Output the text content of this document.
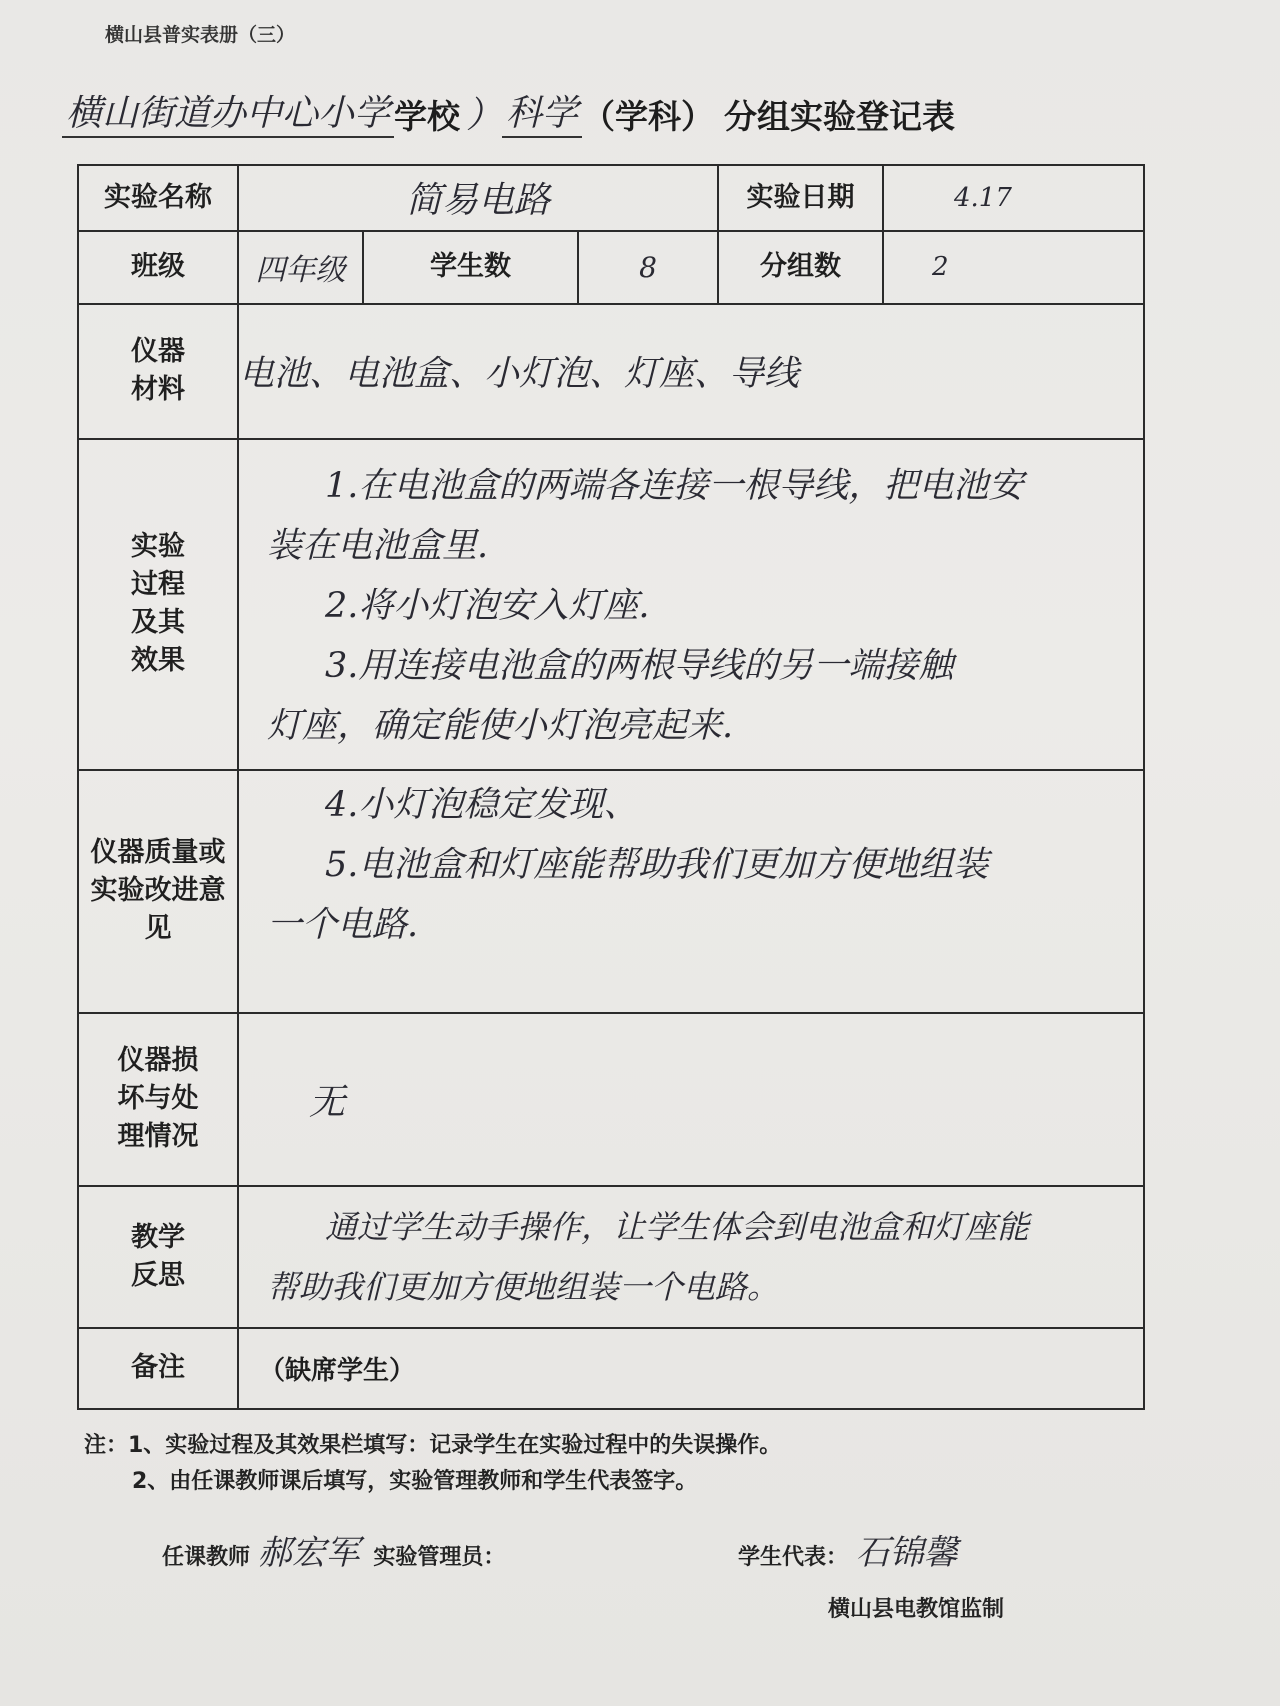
横山县普实表册（三）
横山街道办中心小学 学校 ） 科学 （学科） 分组实验登记表
实验名称	简易电路			实验日期	4.17
班级	四年级	学生数	8	分组数	2

仪器材料	电池、电池盒、小灯泡、灯座、导线				

实验过程及其效果	1.在电池盒的两端各连接一根导线，把电池安

装在电池盒里.

2.将小灯泡安入灯座.

3.用连接电池盒的两根导线的另一端接触

灯座，确定能使小灯泡亮起来.				

仪器质量或实验改进意见	4.小灯泡稳定发现、

5.电池盒和灯座能帮助我们更加方便地组装

一个电路.				

仪器损坏与处理情况	无				

教学反思	通过学生动手操作，让学生体会到电池盒和灯座能

帮助我们更加方便地组装一个电路。				

备注	（缺席学生）				
注：1、实验过程及其效果栏填写：记录学生在实验过程中的失误操作。
2、由任课教师课后填写，实验管理教师和学生代表签字。
任课教师 郝宏军 实验管理员：	学生代表： 石锦馨
横山县电教馆监制
